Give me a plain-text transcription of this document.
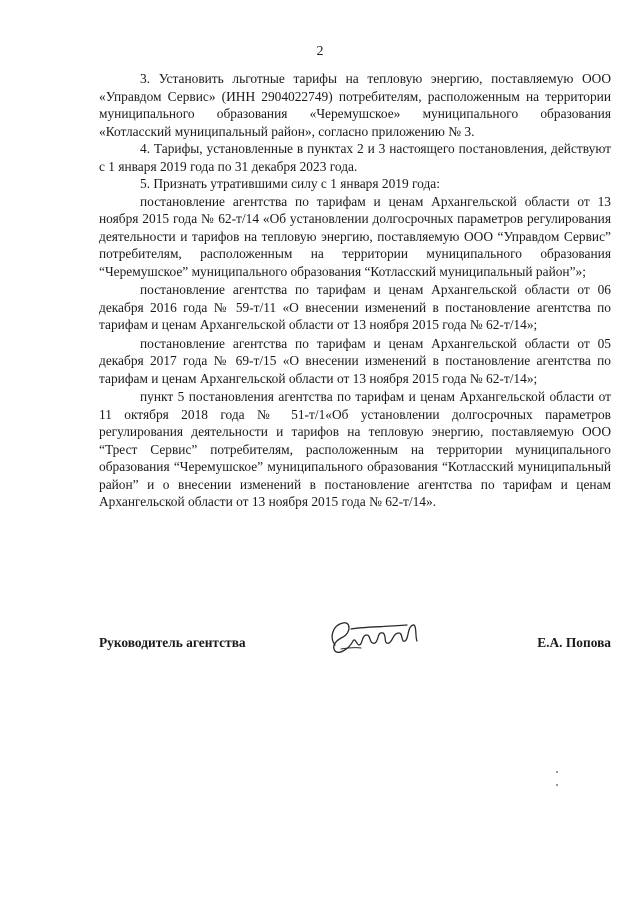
2

3. Установить льготные тарифы на тепловую энергию, поставляемую ООО «Управдом Сервис» (ИНН 2904022749) потребителям, расположенным на территории муниципального образования «Черемушское» муниципального образования «Котласский муниципальный район», согласно приложению № 3.

4. Тарифы, установленные в пунктах 2 и 3 настоящего постановления, действуют с 1 января 2019 года по 31 декабря 2023 года.

5. Признать утратившими силу с 1 января 2019 года:

постановление агентства по тарифам и ценам Архангельской области от 13 ноября 2015 года № 62-т/14 «Об установлении долгосрочных параметров регулирования деятельности и тарифов на тепловую энергию, поставляемую ООО “Управдом Сервис” потребителям, расположенным на территории муниципального образования “Черемушское” муниципального образования “Котласский муниципальный район”»;

постановление агентства по тарифам и ценам Архангельской области от 06 декабря 2016 года № 59-т/11 «О внесении изменений в постановление агентства по тарифам и ценам Архангельской области от 13 ноября 2015 года № 62-т/14»;

постановление агентства по тарифам и ценам Архангельской области от 05 декабря 2017 года № 69-т/15 «О внесении изменений в постановление агентства по тарифам и ценам Архангельской области от 13 ноября 2015 года № 62-т/14»;

пункт 5 постановления агентства по тарифам и ценам Архангельской области от 11 октября 2018 года № 51-т/1«Об установлении долгосрочных параметров регулирования деятельности и тарифов на тепловую энергию, поставляемую ООО “Трест Сервис” потребителям, расположенным на территории муниципального образования “Черемушское” муниципального образования “Котласский муниципальный район” и о внесении изменений в постановление агентства по тарифам и ценам Архангельской области от 13 ноября 2015 года № 62-т/14».

Руководитель агентства	Е.А. Попова
